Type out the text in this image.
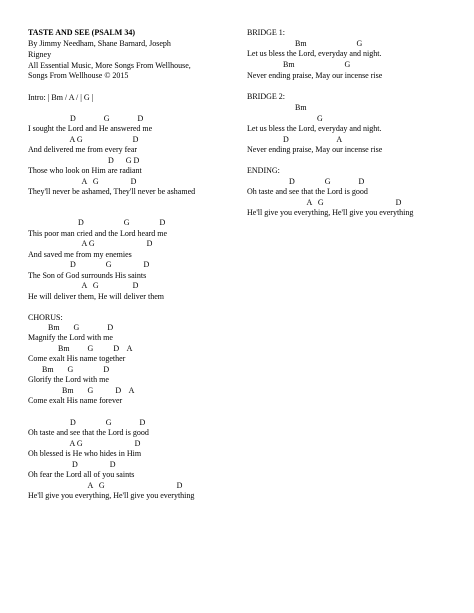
TASTE AND SEE (PSALM 34)
By Jimmy Needham, Shane Barnard, Joseph
Rigney
All Essential Music, More Songs From Wellhouse,
Songs From Wellhouse © 2015
Intro: | Bm / A / | G |
D              G              D
I sought the Lord and He answered me
A G                         D
And delivered me from every fear
D      G D
Those who look on Him are radiant
A   G                D
They'll never be ashamed, They'll never be ashamed
D                    G               D
This poor man cried and the Lord heard me
A G                          D
And saved me from my enemies
D               G                D
The Son of God surrounds His saints
A   G                 D
He will deliver them, He will deliver them
CHORUS:
Bm       G              D
Magnify the Lord with me
Bm         G          D    A
Come exalt His name together
Bm       G               D
Glorify the Lord with me
Bm       G           D    A
Come exalt His name forever
D               G              D
Oh taste and see that the Lord is good
A G                          D
Oh blessed is He who hides in Him
D                D
Oh fear the Lord all of you saints
A   G                                    D
He'll give you everything, He'll give you everything
BRIDGE 1:
Bm                         G
Let us bless the Lord, everyday and night.
Bm                         G
Never ending praise, May our incense rise
BRIDGE 2:
Bm
G
Let us bless the Lord, everyday and night.
D                        A
Never ending praise, May our incense rise
ENDING:
D               G              D
Oh taste and see that the Lord is good
A   G                                    D
He'll give you everything, He'll give you everything
